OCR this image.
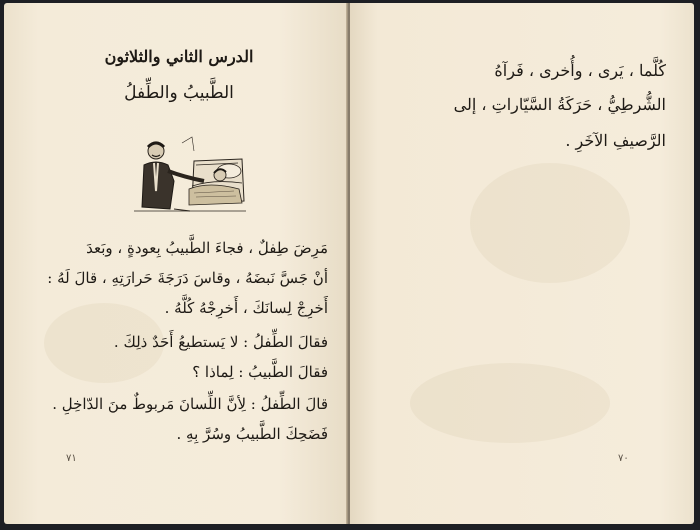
الدرس الثاني والثلاثون
الطَّبيبُ والطِّفلُ
مَرِضَ طِفلٌ ، فجاءَ الطَّبيبُ بِعودةٍ ، وبَعدَ
أنْ جَسَّ نَبضَهُ ، وقاسَ دَرَجَةَ حَرارَتِهِ ، قالَ لَهُ :
أَخرِجْ لِسانَكَ ، أَخرِجْهُ كُلَّهُ .
فقالَ الطِّفلُ : لا يَستطيعُ أَحَدٌ ذلِكَ .
فقالَ الطَّبيبُ : لِماذا ؟
قالَ الطِّفلُ : لِأنَّ اللِّسانَ مَربوطٌ منَ الدّاخِلِ .
فَضَحِكَ الطَّبيبُ وسُرَّ بِهِ .
٧١
كُلَّما ، يَرى ، وأُخرى ، فَرآهُ
الشُّرطِيُّ ، حَرَكَةُ السَّيّاراتِ ، إلى
الرَّصيفِ الآخَرِ .
٧٠
